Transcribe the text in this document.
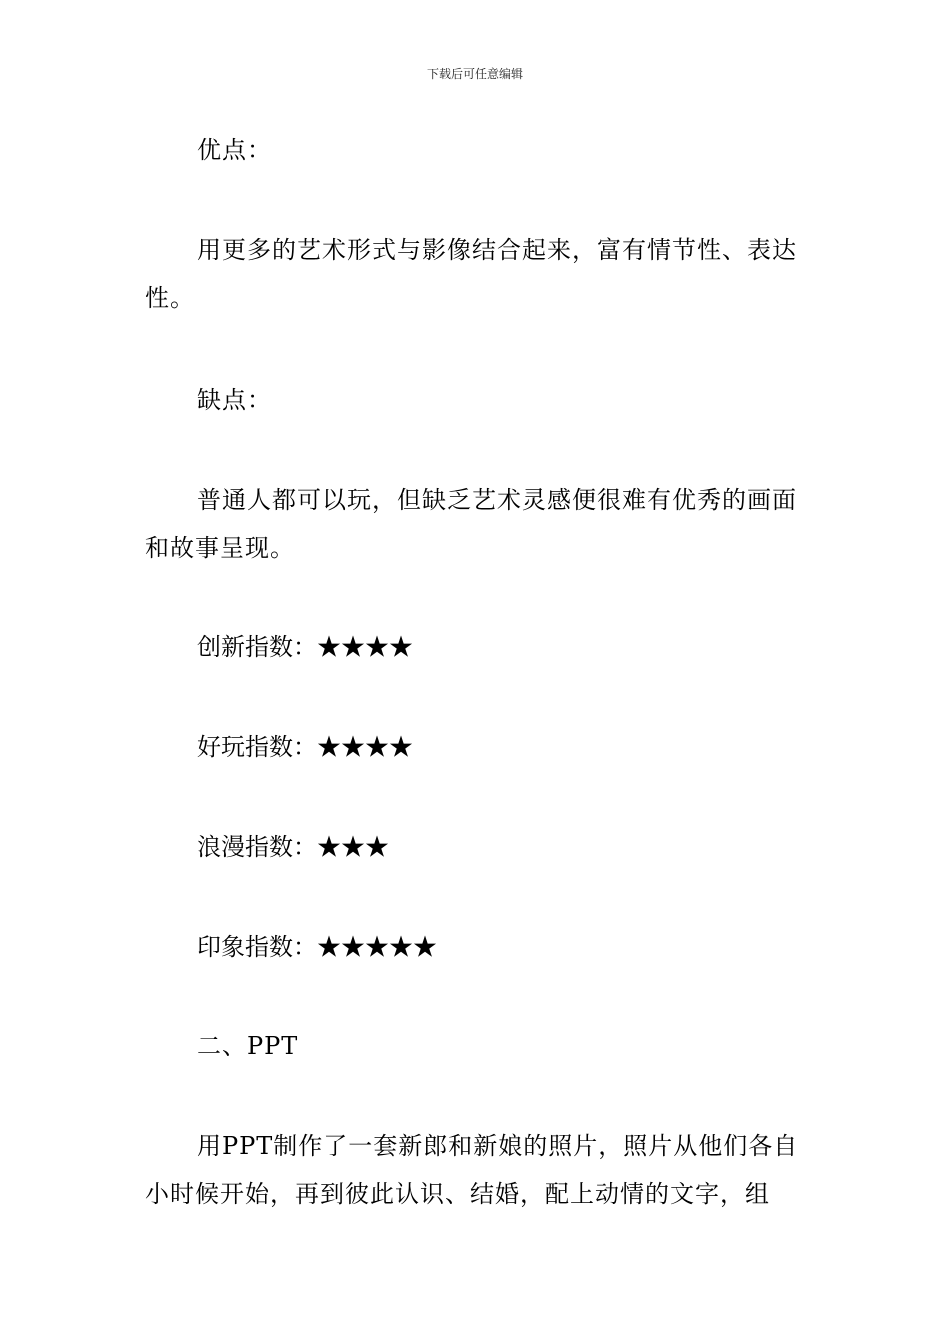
下载后可任意编辑
优点：
用更多的艺术形式与影像结合起来，富有情节性、表达性。
缺点：
普通人都可以玩，但缺乏艺术灵感便很难有优秀的画面和故事呈现。
创新指数：★★★★
好玩指数：★★★★
浪漫指数：★★★
印象指数：★★★★★
二、PPT
用PPT制作了一套新郎和新娘的照片，照片从他们各自小时候开始，再到彼此认识、结婚，配上动情的文字，组
